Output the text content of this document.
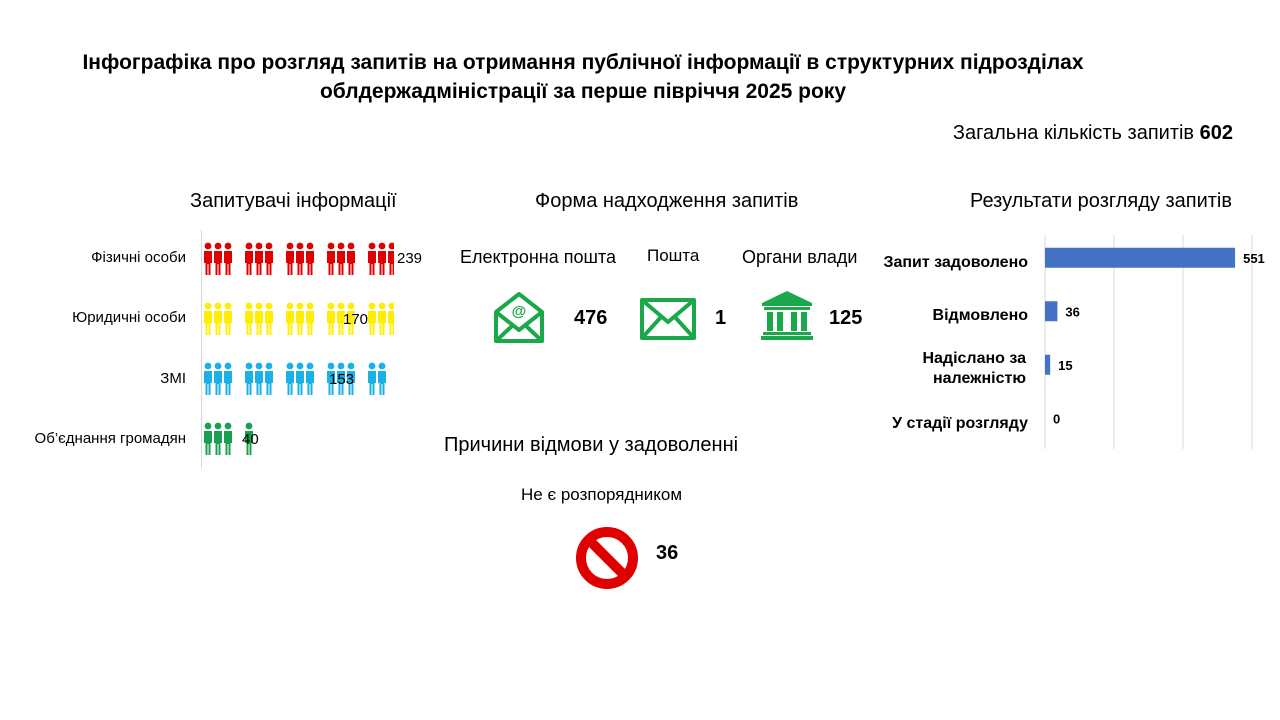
Інфографіка про розгляд запитів на отримання публічної інформації в структурних підрозділах
облдержадміністрації за перше півріччя 2025 року
Загальна кількість запитів 602
Запитувачі інформації
Фізичні особи
Юридичні особи
ЗМІ
Об’єднання громадян
239
170
153
40
Форма надходження запитів
Електронна пошта Пошта Органи влади
@ 476	1	125
Причини відмови у задоволенні
Не є розпорядником
36
Результати розгляду запитів
Запит задоволено
Відмовлено
Надіслано за належністю
У стадії розгляду
551
36
15
0
